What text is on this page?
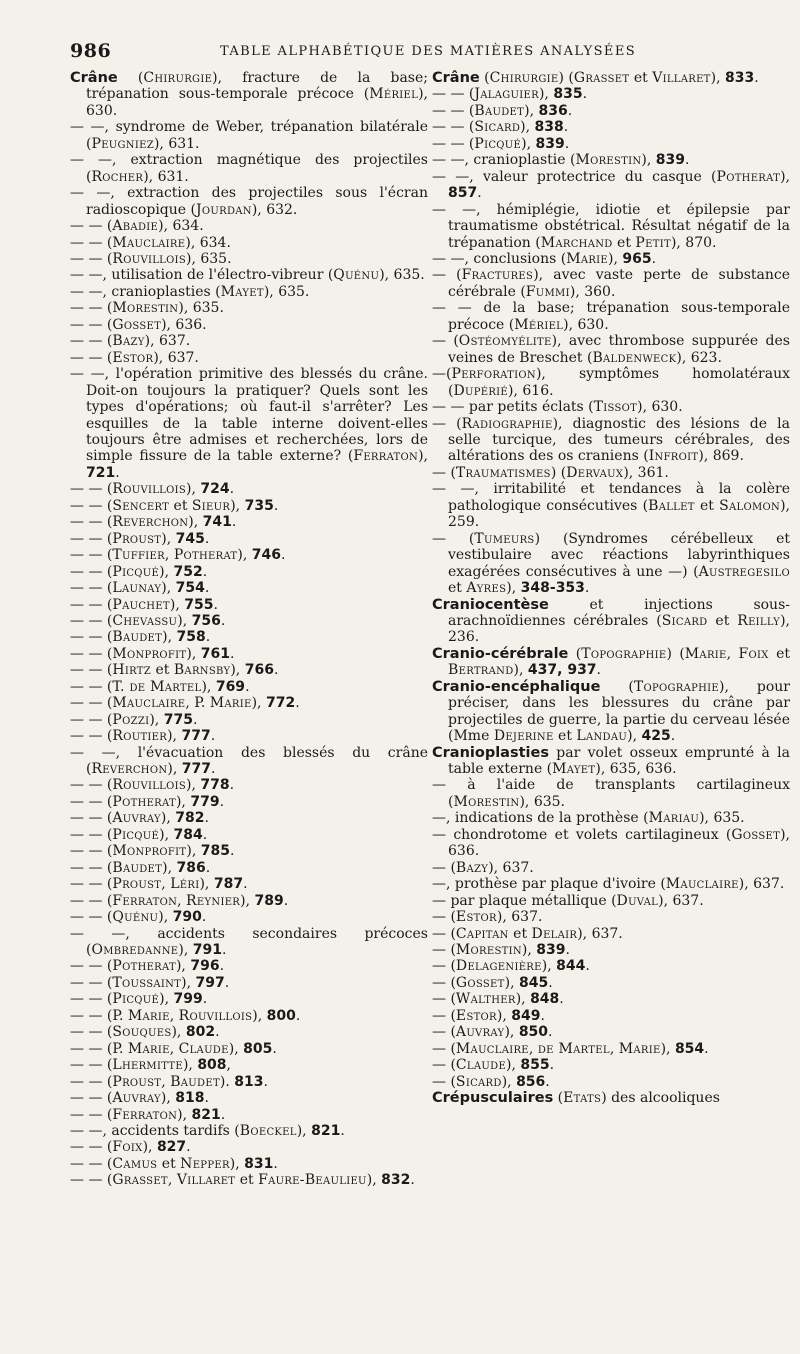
986	TABLE ALPHABÉTIQUE DES MATIÈRES ANALYSÉES

Crâne (Chirurgie), fracture de la base; trépanation sous-temporale précoce (Mériel), 630.

— —, syndrome de Weber, trépanation bilatérale (Peugniez), 631.

— —, extraction magnétique des projectiles (Rocher), 631.

— —, extraction des projectiles sous l'écran radioscopique (Jourdan), 632.

— — (Abadie), 634.

— — (Mauclaire), 634.

— — (Rouvillois), 635.

— —, utilisation de l'électro-vibreur (Quénu), 635.

— —, cranioplasties (Mayet), 635.

— — (Morestin), 635.

— — (Gosset), 636.

— — (Bazy), 637.

— — (Estor), 637.

— —, l'opération primitive des blessés du crâne. Doit-on toujours la pratiquer? Quels sont les types d'opérations; où faut-il s'arrêter? Les esquilles de la table interne doivent-elles toujours être admises et recherchées, lors de simple fissure de la table externe? (Ferraton), 721.

— — (Rouvillois), 724.

— — (Sencert et Sieur), 735.

— — (Reverchon), 741.

— — (Proust), 745.

— — (Tuffier, Potherat), 746.

— — (Picqué), 752.

— — (Launay), 754.

— — (Pauchet), 755.

— — (Chevassu), 756.

— — (Baudet), 758.

— — (Monprofit), 761.

— — (Hirtz et Barnsby), 766.

— — (T. de Martel), 769.

— — (Mauclaire, P. Marie), 772.

— — (Pozzi), 775.

— — (Routier), 777.

— —, l'évacuation des blessés du crâne (Reverchon), 777.

— — (Rouvillois), 778.

— — (Potherat), 779.

— — (Auvray), 782.

— — (Picqué), 784.

— — (Monprofit), 785.

— — (Baudet), 786.

— — (Proust, Léri), 787.

— — (Ferraton, Reynier), 789.

— — (Quénu), 790.

— —, accidents secondaires précoces (Ombredanne), 791.

— — (Potherat), 796.

— — (Toussaint), 797.

— — (Picqué), 799.

— — (P. Marie, Rouvillois), 800.

— — (Souques), 802.

— — (P. Marie, Claude), 805.

— — (Lhermitte), 808,

— — (Proust, Baudet). 813.

— — (Auvray), 818.

— — (Ferraton), 821.

— —, accidents tardifs (Boeckel), 821.

— — (Foix), 827.

— — (Camus et Nepper), 831.

— — (Grasset, Villaret et Faure-Beaulieu), 832.

Crâne (Chirurgie) (Grasset et Villaret), 833.

— — (Jalaguier), 835.

— — (Baudet), 836.

— — (Sicard), 838.

— — (Picqué), 839.

— —, cranioplastie (Morestin), 839.

— —, valeur protectrice du casque (Potherat), 857.

— —, hémiplégie, idiotie et épilepsie par traumatisme obstétrical. Résultat négatif de la trépanation (Marchand et Petit), 870.

— —, conclusions (Marie), 965.

— (Fractures), avec vaste perte de substance cérébrale (Fummi), 360.

— — de la base; trépanation sous-temporale précoce (Mériel), 630.

— (Ostéomyélite), avec thrombose suppurée des veines de Breschet (Baldenweck), 623.

—(Perforation), symptômes homolatéraux (Dupérié), 616.

— — par petits éclats (Tissot), 630.

— (Radiographie), diagnostic des lésions de la selle turcique, des tumeurs cérébrales, des altérations des os craniens (Infroit), 869.

— (Traumatismes) (Dervaux), 361.

— —, irritabilité et tendances à la colère pathologique consécutives (Ballet et Salomon), 259.

— (Tumeurs) (Syndromes cérébelleux et vestibulaire avec réactions labyrinthiques exagérées consécutives à une —) (Austregesilo et Ayres), 348-353.

Craniocentèse et injections sous-arachnoïdiennes cérébrales (Sicard et Reilly), 236.

Cranio-cérébrale (Topographie) (Marie, Foix et Bertrand), 437, 937.

Cranio-encéphalique (Topographie), pour préciser, dans les blessures du crâne par projectiles de guerre, la partie du cerveau lésée (Mme Dejerine et Landau), 425.

Cranioplasties par volet osseux emprunté à la table externe (Mayet), 635, 636.

— à l'aide de transplants cartilagineux (Morestin), 635.

—, indications de la prothèse (Mariau), 635.

— chondrotome et volets cartilagineux (Gosset), 636.

— (Bazy), 637.

—, prothèse par plaque d'ivoire (Mauclaire), 637.

— par plaque métallique (Duval), 637.

— (Estor), 637.

— (Capitan et Delair), 637.

— (Morestin), 839.

— (Delagenière), 844.

— (Gosset), 845.

— (Walther), 848.

— (Estor), 849.

— (Auvray), 850.

— (Mauclaire, de Martel, Marie), 854.

— (Claude), 855.

— (Sicard), 856.

Crépusculaires (Etats) des alcooliques
